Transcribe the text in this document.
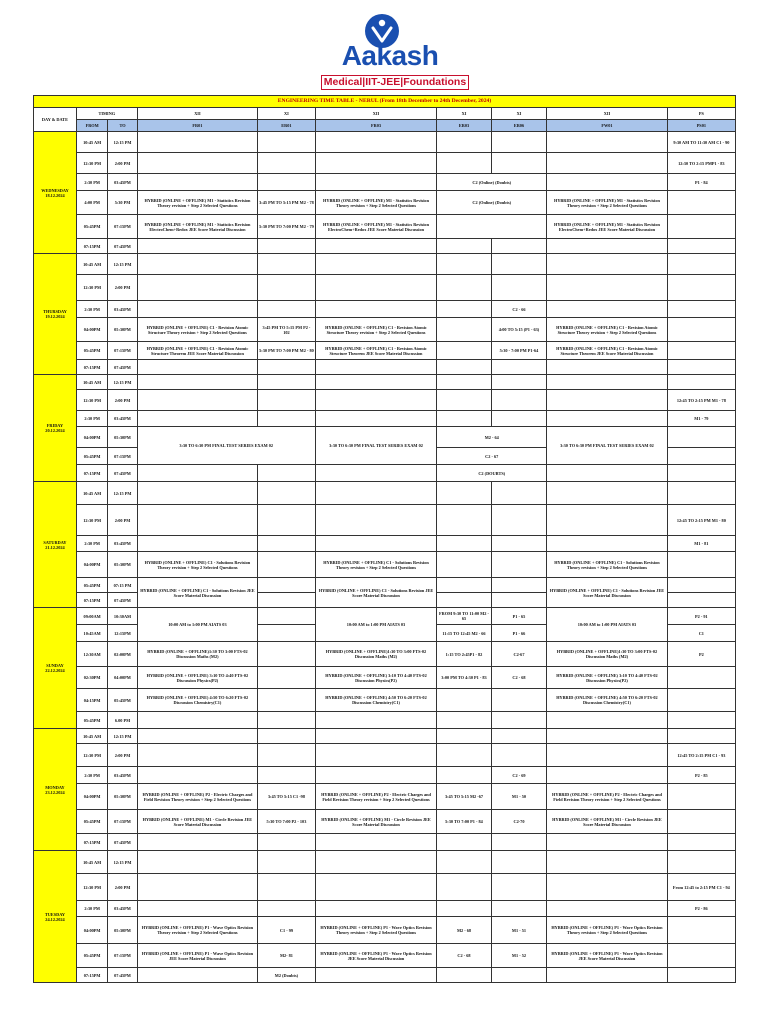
Aakash
Medical|IIT-JEE|Foundations
ENGINEERING TIME TABLE - NERUL (From 18th December to 24th December, 2024)									
DAY & DATE	TIMING		XII	XI	XII	XI	XI	XII	PS
	FROM	TO	FR01	ER01	FR03	ER03	ER06	FW01	PS01
WEDNESDAY
18.12.2024	10:45 AM	12:15 PM							9:30 AM TO 11:30 AM C1 - 90
	12:30 PM	2:00 PM							12:30 TO 2:15 PMP1 - 83
	2:30 PM	03:45PM				C2 (Online) (Doubts)			P1 - 84
	4:00 PM	5:30 PM	HYBRID (ONLINE + OFFLINE) M1 - Statistics Revision Theory revision + Step 2 Selected Questions	3:45 PM TO 5:15 PM M2 - 78	HYBRID (ONLINE + OFFLINE) M1 - Statistics Revision Theory revision + Step 2 Selected Questions	C2 (Online) (Doubts)		HYBRID (ONLINE + OFFLINE) M1 - Statistics Revision Theory revision + Step 2 Selected Questions	
	05:45PM	07:15PM	HYBRID (ONLINE + OFFLINE) M1 - Statistics Revision ElectroChem+Redox JEE Score Material Discussion	5:30 PM TO 7:00 PM M2 - 79	HYBRID (ONLINE + OFFLINE) M1 - Statistics Revision ElectroChem+Redox JEE Score Material Discussion			HYBRID (ONLINE + OFFLINE) M1 - Statistics Revision ElectroChem+Redox JEE Score Material Discussion	
	07:15PM	07:45PM							
THURSDAY
19.12.2024	10:45 AM	12:15 PM							
	12:30 PM	2:00 PM							
	2:30 PM	03:45PM					C2 - 66		
	04:00PM	05:30PM	HYBRID (ONLINE + OFFLINE) C1 - Revision Atomic Structure Theory revision + Step 2 Selected Questions	3:45 PM TO 5:15 PM P2 - 102	HYBRID (ONLINE + OFFLINE) C1 - Revision Atomic Structure Theory revision + Step 2 Selected Questions		4:00 TO 5:15 (P1 - 63)	HYBRID (ONLINE + OFFLINE) C1 - Revision Atomic Structure Theory revision + Step 2 Selected Questions	
	05:45PM	07:15PM	HYBRID (ONLINE + OFFLINE) C1 - Revision Atomic Structure Theorem JEE Score Material Discussion	5:30 PM TO 7:00 PM M2 - 80	HYBRID (ONLINE + OFFLINE) C1 - Revision Atomic Structure Theorem JEE Score Material Discussion		5:30 - 7:00 PM P1-64	HYBRID (ONLINE + OFFLINE) C1 - Revision Atomic Structure Theorem JEE Score Material Discussion	
	07:15PM	07:45PM							
FRIDAY
20.12.2024	10:45 AM	12:15 PM							
	12:30 PM	2:00 PM							12:45 TO 2:15 PM M1 - 78
	2:30 PM	03:45PM							M1 - 79
	04:00PM	05:30PM	3:30 TO 6:30 PM FINAL TEST SERIES EXAM 02		3:30 TO 6:30 PM FINAL TEST SERIES EXAM 02	M2 - 64		3:30 TO 6:30 PM FINAL TEST SERIES EXAM 02	
	05:45PM	07:15PM				C2 - 67			
	07:15PM	07:45PM				C2 (DOUBTS)			
SATURDAY
21.12.2024	10:45 AM	12:15 PM							
	12:30 PM	2:00 PM							12:45 TO 2:15 PM M1 - 80
	2:30 PM	03:45PM							M1 - 81
	04:00PM	05:30PM	HYBRID (ONLINE + OFFLINE) C1 - Solutions Revision Theory revision + Step 2 Selected Questions		HYBRID (ONLINE + OFFLINE) C1 - Solutions Revision Theory revision + Step 2 Selected Questions			HYBRID (ONLINE + OFFLINE) C1 - Solutions Revision Theory revision + Step 2 Selected Questions	
	05:45PM	07:15 PM	HYBRID (ONLINE + OFFLINE) C1 - Solutions Revision JEE Score Material Discussion		HYBRID (ONLINE + OFFLINE) C1 - Solutions Revision JEE Score Material Discussion			HYBRID (ONLINE + OFFLINE) C1 - Solutions Revision JEE Score Material Discussion	
	07:15PM	07:45PM							
SUNDAY
22.12.2024	09:00AM	10:30AM	10:00 AM to 1:00 PM AIATS 03		10:00 AM to 1:00 PM AIATS 03	FROM 9:30 TO 11:00 M2 - 65	P1 - 65	10:00 AM to 1:00 PM AIATS 03	P2 - 91
	10:45AM	12:15PM				11:15 TO 12:45 M2 - 66	P1 - 66		C1
	12:30AM	02:00PM	HYBRID (ONLINE + OFFLINE)1:30 TO 3:00 FTS-02 Discussion Maths (M2)		HYBRID (ONLINE + OFFLINE)1:30 TO 3:00 FTS-02 Discussion Maths (M2)	1:15 TO 2:45P1 - 82	C2-67	HYBRID (ONLINE + OFFLINE)1:30 TO 3:00 FTS-02 Discussion Maths (M2)	P2
	02:30PM	04:00PM	HYBRID (ONLINE + OFFLINE) 3:10 TO 4:40 FTS-02 Discussion Physics(P2)		HYBRID (ONLINE + OFFLINE) 3:10 TO 4:40 FTS-02 Discussion Physics(P2)	3:00 PM TO 4:30 P1 - 83	C2 - 68	HYBRID (ONLINE + OFFLINE) 3:10 TO 4:40 FTS-02 Discussion Physics(P2)	
	04:15PM	05:45PM	HYBRID (ONLINE + OFFLINE) 4:50 TO 6:20 FTS-02 Discussion Chemistry(C1)		HYBRID (ONLINE + OFFLINE) 4:50 TO 6:20 FTS-02 Discussion Chemistry(C1)			HYBRID (ONLINE + OFFLINE) 4:50 TO 6:20 FTS-02 Discussion Chemistry(C1)	
	05:45PM	6.00 PM							
MONDAY
23.12.2024	10:45 AM	12:15 PM							
	12:30 PM	2:00 PM							12:45 TO 2:15 PM C1 - 93
	2:30 PM	03:45PM					C2 - 69		P2 - 85
	04:00PM	05:30PM	HYBRID (ONLINE + OFFLINE) P2 - Electric Charges and Field Revision Theory revision + Step 2 Selected Questions	3:45 TO 5:15 C1 -98	HYBRID (ONLINE + OFFLINE) P2 - Electric Charges and Field Revision Theory revision + Step 2 Selected Questions	3:45 TO 5:15 M2 -67	M1 - 50	HYBRID (ONLINE + OFFLINE) P2 - Electric Charges and Field Revision Theory revision + Step 2 Selected Questions	
	05:45PM	07:15PM	HYBRID (ONLINE + OFFLINE) M1 - Circle Revision JEE Score Material Discussion	5:30 TO 7:00 P2 - 103	HYBRID (ONLINE + OFFLINE) M1 - Circle Revision JEE Score Material Discussion	5:30 TO 7:00 P1 - 84	C2-70	HYBRID (ONLINE + OFFLINE) M1 - Circle Revision JEE Score Material Discussion	
	07:15PM	07:45PM							
TUESDAY
24.12.2024	10:45 AM	12:15 PM							
	12:30 PM	2:00 PM							From 12:45 to 2:15 PM C1 - 94
	2:30 PM	03:45PM							P2 - 86
	04:00PM	05:30PM	HYBRID (ONLINE + OFFLINE) P1 - Wave Optics Revision Theory revision + Step 2 Selected Questions	C1 - 99	HYBRID (ONLINE + OFFLINE) P1 - Wave Optics Revision Theory revision + Step 2 Selected Questions	M2 - 68	M1 - 51	HYBRID (ONLINE + OFFLINE) P1 - Wave Optics Revision Theory revision + Step 2 Selected Questions	
	05:45PM	07:15PM	HYBRID (ONLINE + OFFLINE) P1 - Wave Optics Revision JEE Score Material Discussion	M2- 81	HYBRID (ONLINE + OFFLINE) P1 - Wave Optics Revision JEE Score Material Discussion	C2 - 68	M1 - 52	HYBRID (ONLINE + OFFLINE) P1 - Wave Optics Revision JEE Score Material Discussion	
	07:15PM	07:45PM		M2 (Doubts)					
